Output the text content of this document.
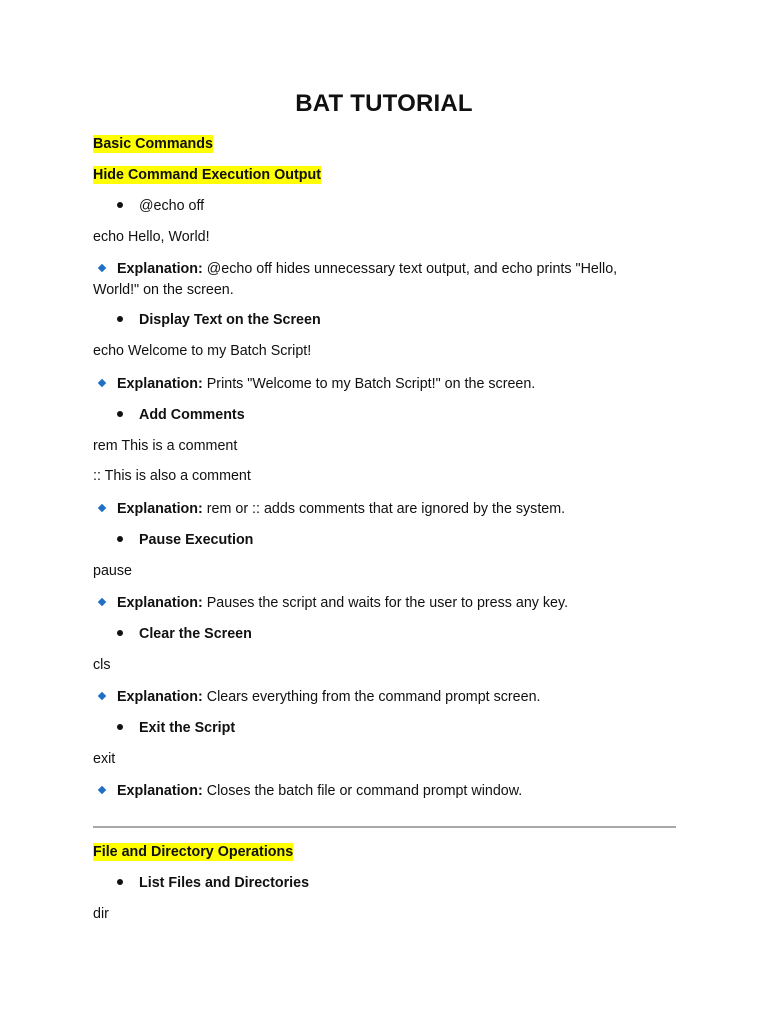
BAT TUTORIAL
Basic Commands
Hide Command Execution Output
@echo off
echo Hello, World!
Explanation: @echo off hides unnecessary text output, and echo prints "Hello,
World!" on the screen.
Display Text on the Screen
echo Welcome to my Batch Script!
Explanation: Prints "Welcome to my Batch Script!" on the screen.
Add Comments
rem This is a comment
:: This is also a comment
Explanation: rem or :: adds comments that are ignored by the system.
Pause Execution
pause
Explanation: Pauses the script and waits for the user to press any key.
Clear the Screen
cls
Explanation: Clears everything from the command prompt screen.
Exit the Script
exit
Explanation: Closes the batch file or command prompt window.
File and Directory Operations
List Files and Directories
dir
